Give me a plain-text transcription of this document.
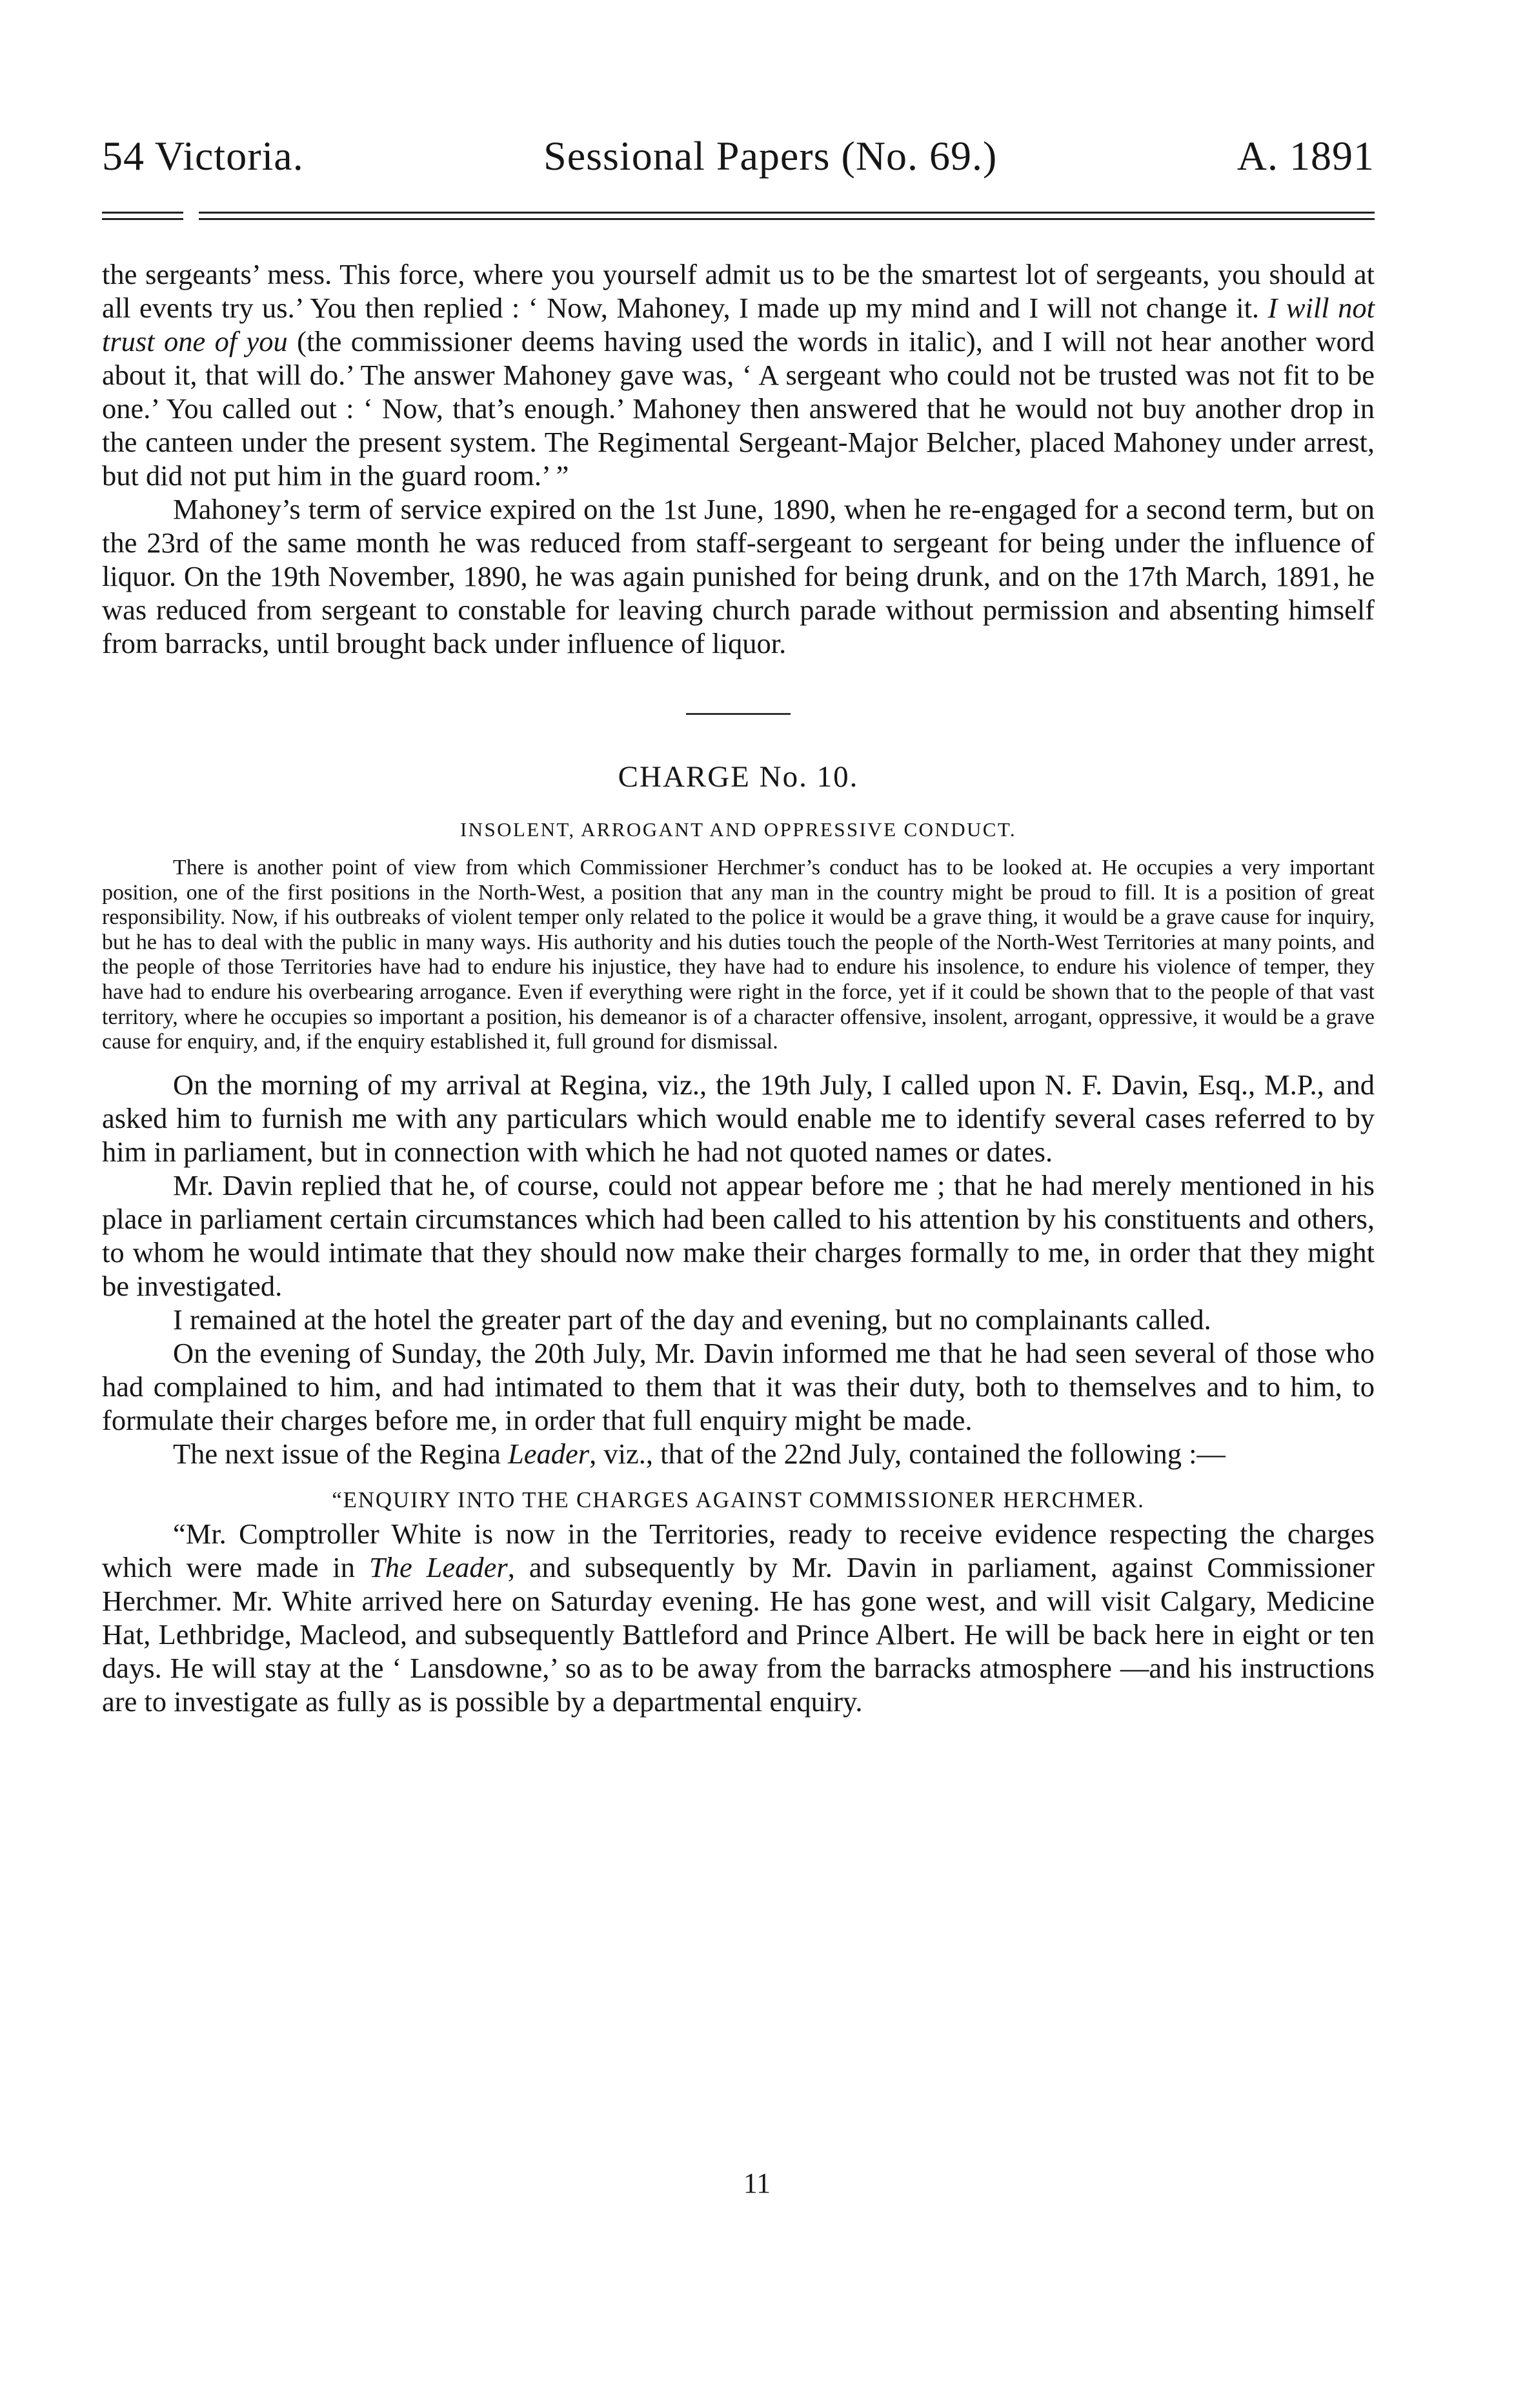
54 Victoria.	Sessional Papers (No. 69.)	A. 1891

the sergeants’ mess. This force, where you yourself admit us to be the smartest lot of sergeants, you should at all events try us.’ You then replied : ‘ Now, Mahoney, I made up my mind and I will not change it. I will not trust one of you (the commissioner deems having used the words in italic), and I will not hear another word about it, that will do.’ The answer Mahoney gave was, ‘ A sergeant who could not be trusted was not fit to be one.’ You called out : ‘ Now, that’s enough.’ Mahoney then answered that he would not buy another drop in the canteen under the present system. The Regimental Sergeant-Major Belcher, placed Mahoney under arrest, but did not put him in the guard room.’ ”

Mahoney’s term of service expired on the 1st June, 1890, when he re-engaged for a second term, but on the 23rd of the same month he was reduced from staff-sergeant to sergeant for being under the influence of liquor. On the 19th November, 1890, he was again punished for being drunk, and on the 17th March, 1891, he was reduced from sergeant to constable for leaving church parade without permission and absenting himself from barracks, until brought back under influence of liquor.

CHARGE No. 10.
INSOLENT, ARROGANT AND OPPRESSIVE CONDUCT.

There is another point of view from which Commissioner Herchmer’s conduct has to be looked at. He occupies a very important position, one of the first positions in the North-West, a position that any man in the country might be proud to fill. It is a position of great responsibility. Now, if his outbreaks of violent temper only related to the police it would be a grave thing, it would be a grave cause for inquiry, but he has to deal with the public in many ways. His authority and his duties touch the people of the North-West Territories at many points, and the people of those Territories have had to endure his injustice, they have had to endure his insolence, to endure his violence of temper, they have had to endure his overbearing arrogance. Even if everything were right in the force, yet if it could be shown that to the people of that vast territory, where he occupies so important a position, his demeanor is of a character offensive, insolent, arrogant, oppressive, it would be a grave cause for enquiry, and, if the enquiry established it, full ground for dismissal.

On the morning of my arrival at Regina, viz., the 19th July, I called upon N. F. Davin, Esq., M.P., and asked him to furnish me with any particulars which would enable me to identify several cases referred to by him in parliament, but in connection with which he had not quoted names or dates.

Mr. Davin replied that he, of course, could not appear before me ; that he had merely mentioned in his place in parliament certain circumstances which had been called to his attention by his constituents and others, to whom he would intimate that they should now make their charges formally to me, in order that they might be investigated.

I remained at the hotel the greater part of the day and evening, but no complainants called.

On the evening of Sunday, the 20th July, Mr. Davin informed me that he had seen several of those who had complained to him, and had intimated to them that it was their duty, both to themselves and to him, to formulate their charges before me, in order that full enquiry might be made.

The next issue of the Regina Leader, viz., that of the 22nd July, contained the following :—

“ENQUIRY INTO THE CHARGES AGAINST COMMISSIONER HERCHMER.

“Mr. Comptroller White is now in the Territories, ready to receive evidence respecting the charges which were made in The Leader, and subsequently by Mr. Davin in parliament, against Commissioner Herchmer. Mr. White arrived here on Saturday evening. He has gone west, and will visit Calgary, Medicine Hat, Lethbridge, Macleod, and subsequently Battleford and Prince Albert. He will be back here in eight or ten days. He will stay at the ‘ Lansdowne,’ so as to be away from the barracks atmosphere —and his instructions are to investigate as fully as is possible by a departmental enquiry.

11
